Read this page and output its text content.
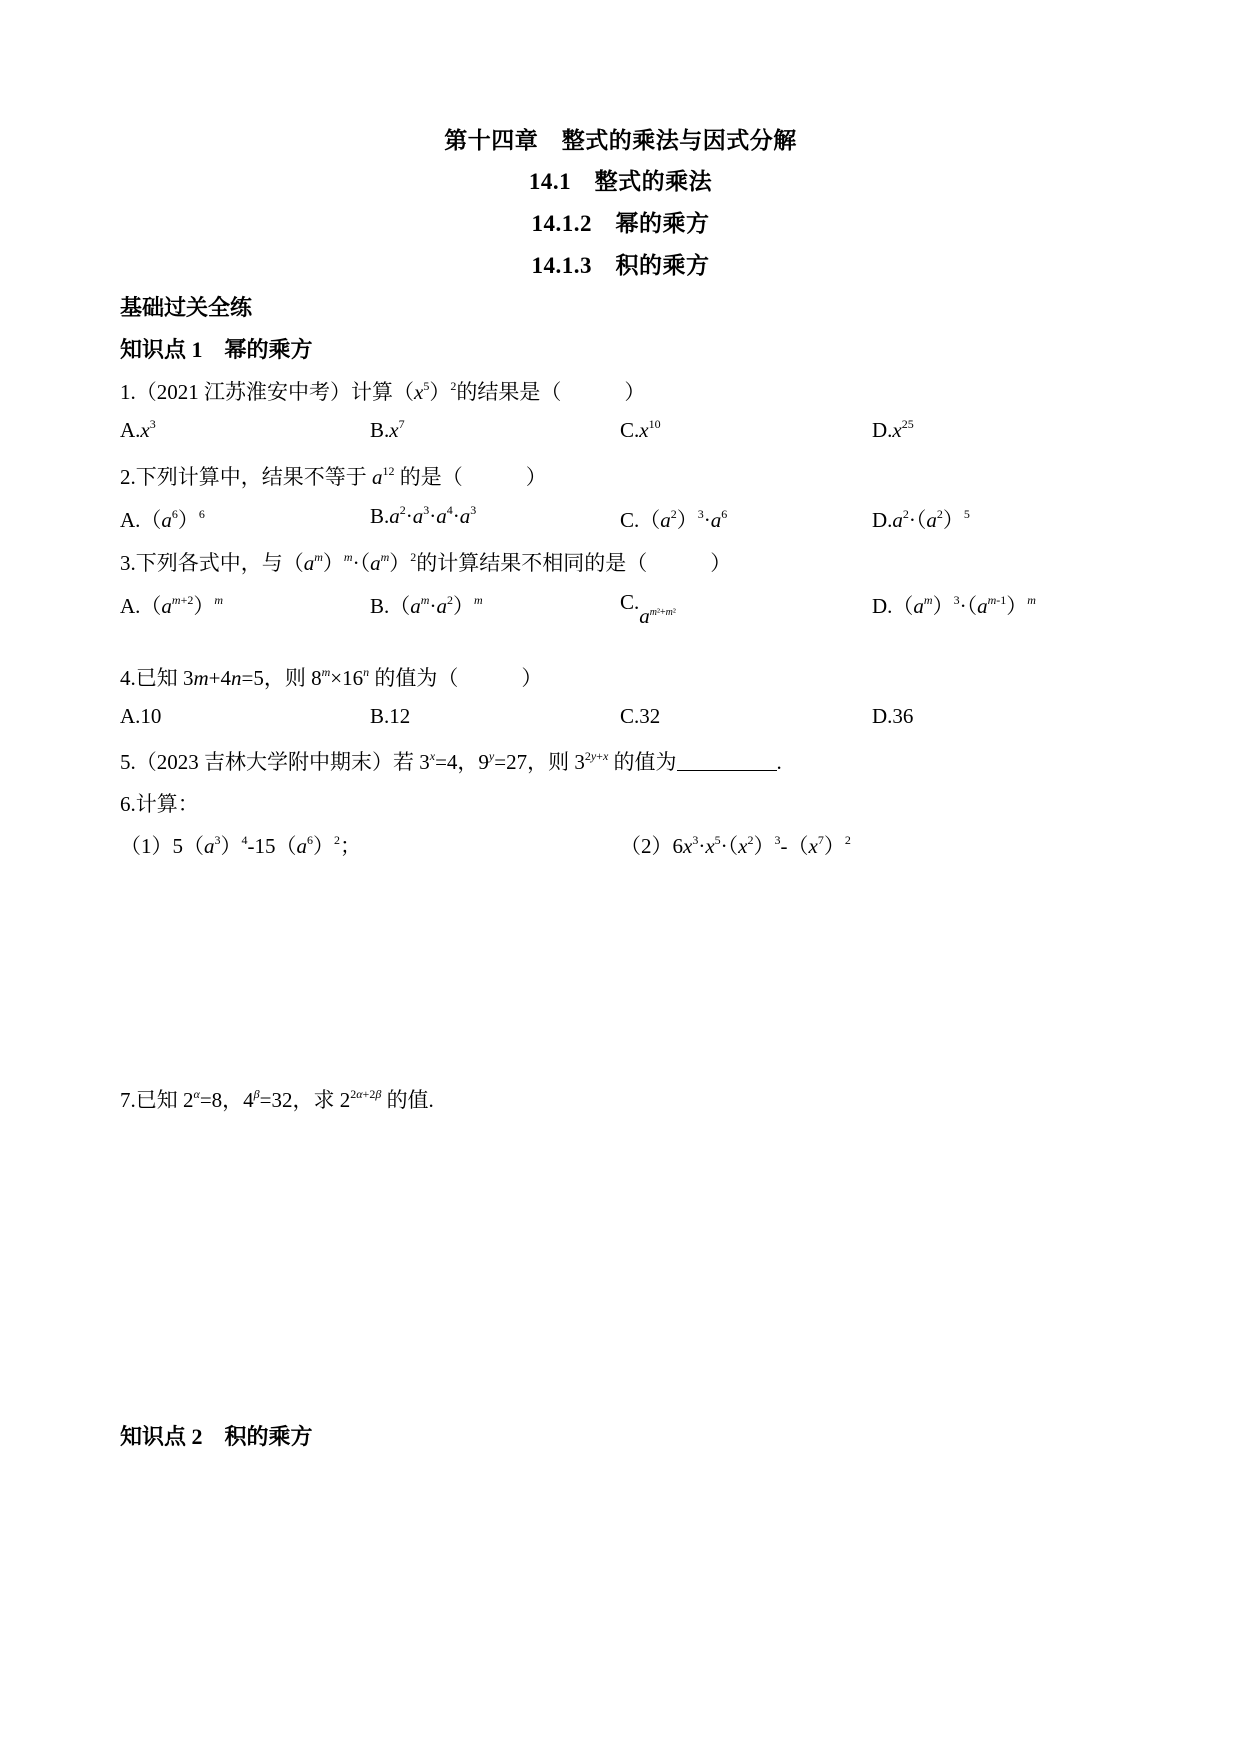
第十四章　整式的乘法与因式分解
14.1　整式的乘法
14.1.2　幂的乘方
14.1.3　积的乘方
基础过关全练
知识点 1　幂的乘方
1.（2021 江苏淮安中考）计算$(x^5)^2$的结果是（　　　）
$A.x^3$	$B.x^7$	$C.x^{10}$	$D.x^{25}$
2.下列计算中，结果不等于 $a^{12}$ 的是（　　　）
$A.(a^6)^6$	$B.a^2\cdot a^3\cdot a^4\cdot a^3$	$C.(a^2)^3\cdot a^6$	$D.a^2\cdot(a^2)^5$
3.下列各式中，与$(a^m)^m\cdot(a^m)^2$的计算结果不相同的是（　　　）
$A.(a^{m+2})^m$	$B.(a^m\cdot a^2)^m$	$C.a^{m^2+m^2}$	$D.(a^m)^3\cdot(a^{m-1})^m$
4.已知 3m+4n=5，则 $8^m\times 16^n$ 的值为（　　　）
A.10	B.12	C.32	D.36
5.（2023 吉林大学附中期末）若 $3^x=4$，$9^y=27$，则 $3^{2y+x}$ 的值为	.
6.计算：
$(1)5(a^3)^4-15(a^6)^2$；	$(2)6x^3\cdot x^5\cdot(x^2)^3-(x^7)^2$
7.已知 $2^\alpha=8$，$4^\beta=32$，求 $2^{2\alpha+2\beta}$ 的值.
知识点 2　积的乘方
